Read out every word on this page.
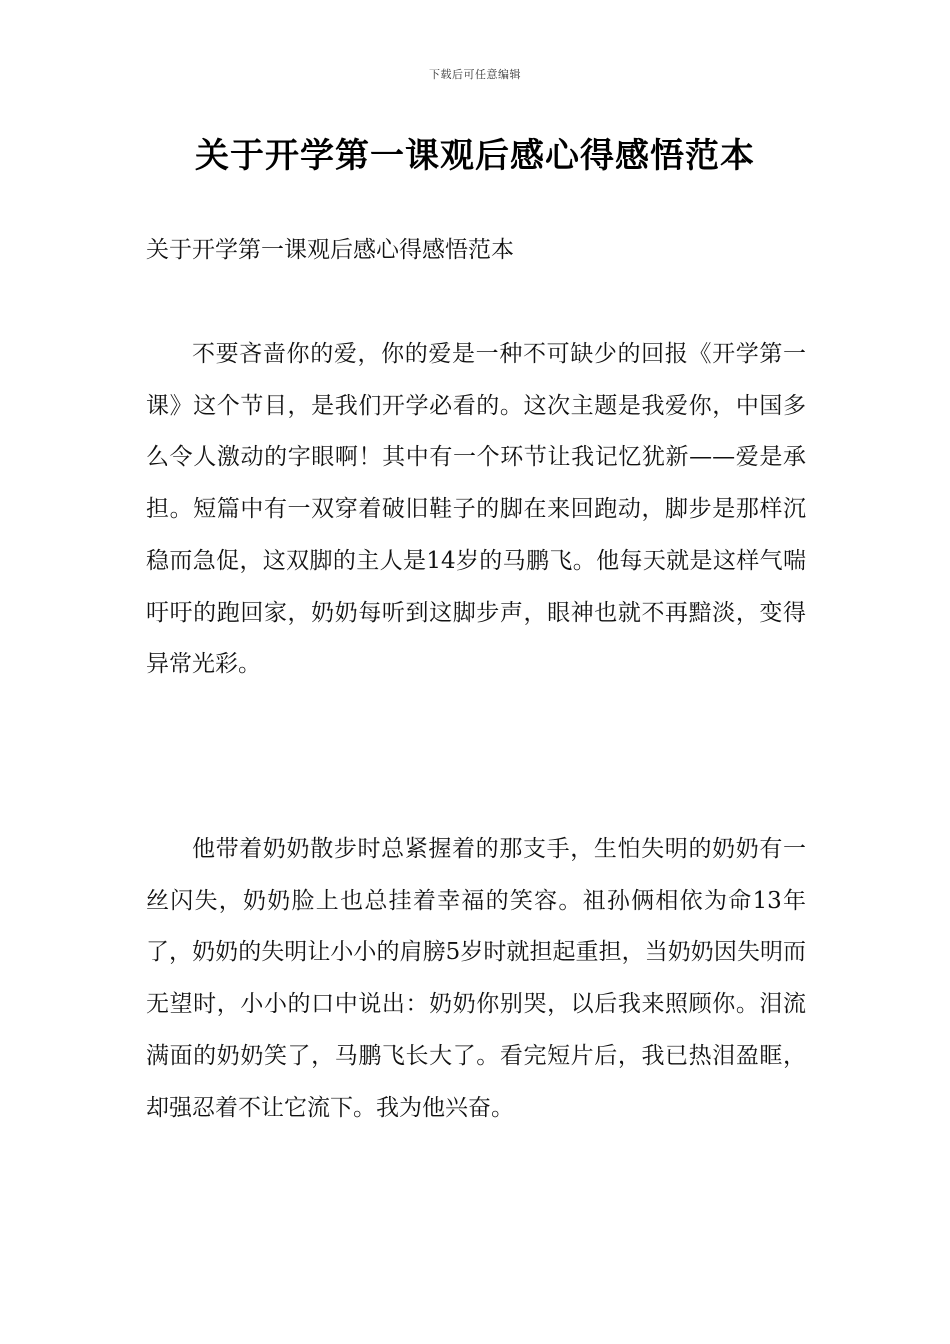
下载后可任意编辑
关于开学第一课观后感心得感悟范本
关于开学第一课观后感心得感悟范本

不要吝啬你的爱，你的爱是一种不可缺少的回报《开学第一课》这个节目，是我们开学必看的。这次主题是我爱你，中国多么令人激动的字眼啊！其中有一个环节让我记忆犹新——爱是承担。短篇中有一双穿着破旧鞋子的脚在来回跑动，脚步是那样沉稳而急促，这双脚的主人是14岁的马鹏飞。他每天就是这样气喘吁吁的跑回家，奶奶每听到这脚步声，眼神也就不再黯淡，变得异常光彩。

他带着奶奶散步时总紧握着的那支手，生怕失明的奶奶有一丝闪失，奶奶脸上也总挂着幸福的笑容。祖孙俩相依为命13年了，奶奶的失明让小小的肩膀5岁时就担起重担，当奶奶因失明而无望时，小小的口中说出：奶奶你别哭，以后我来照顾你。泪流满面的奶奶笑了，马鹏飞长大了。看完短片后，我已热泪盈眶，却强忍着不让它流下。我为他兴奋。
